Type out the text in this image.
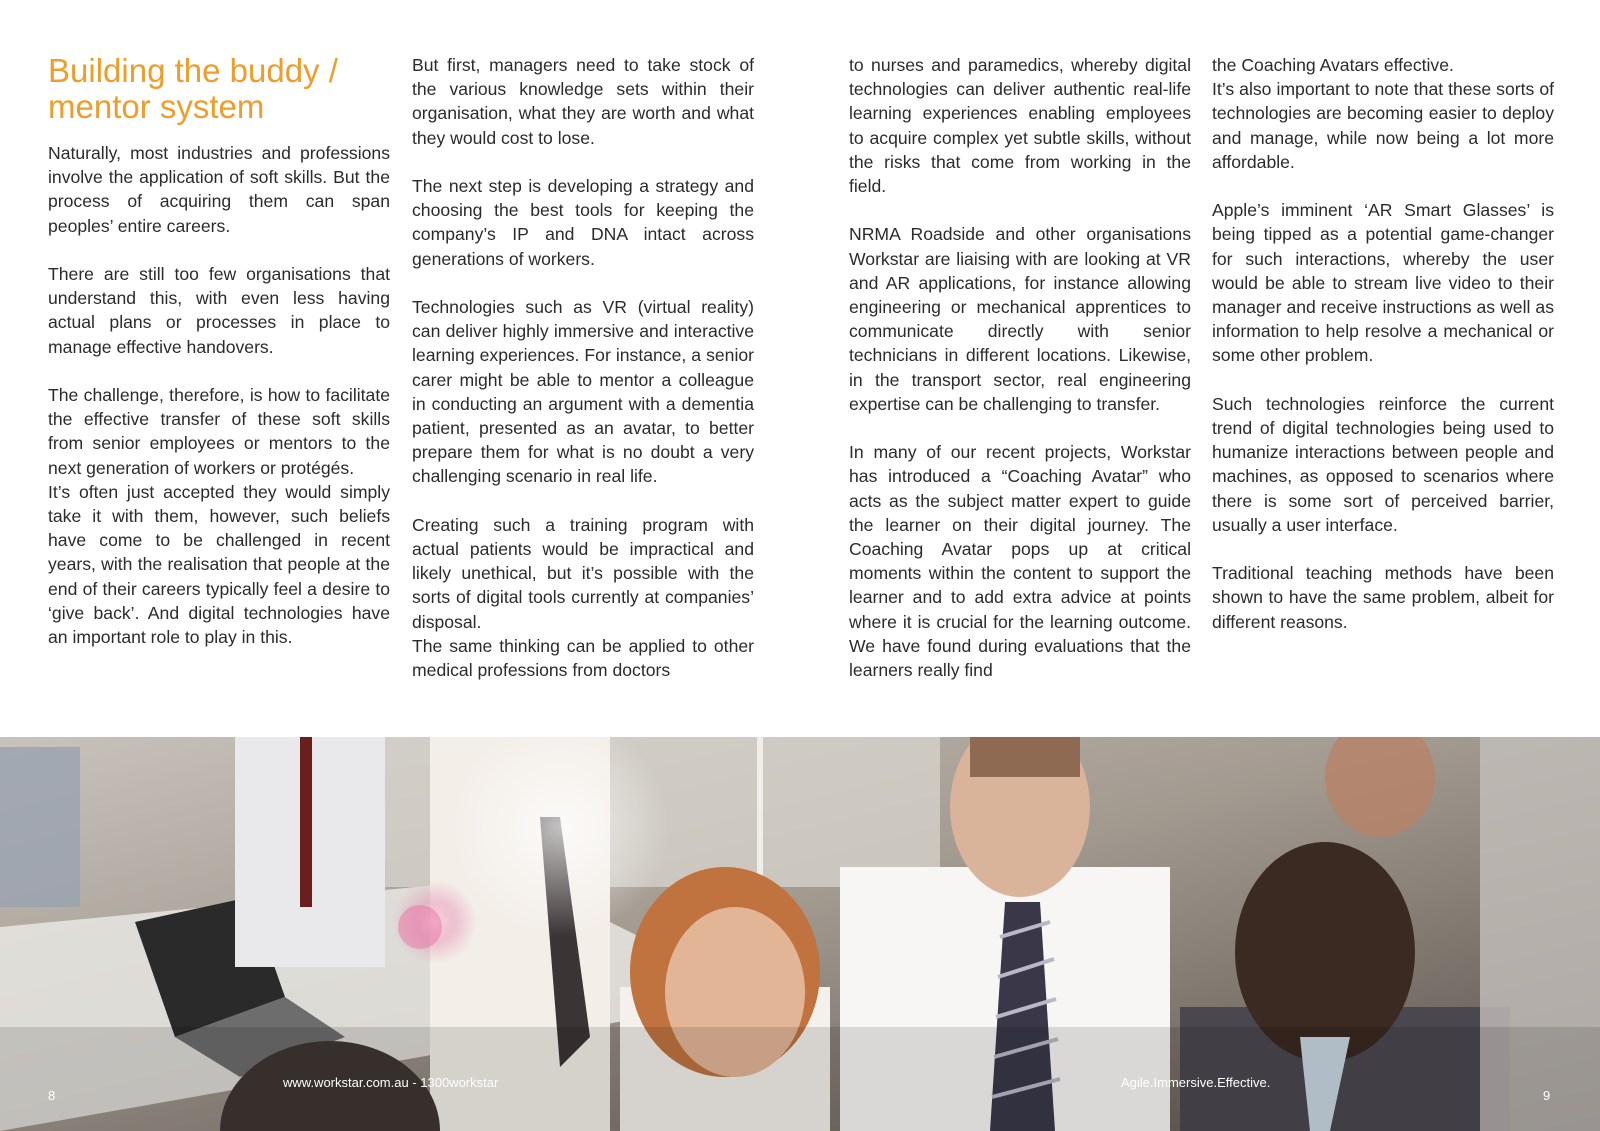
Building the buddy / mentor system

Naturally, most industries and professions involve the application of soft skills. But the process of acquiring them can span peoples’ entire careers.

There are still too few organisations that understand this, with even less having actual plans or processes in place to manage effective handovers.

The challenge, therefore, is how to facilitate the effective transfer of these soft skills from senior employees or mentors to the next generation of workers or protégés.

It’s often just accepted they would simply take it with them, however, such beliefs have come to be challenged in recent years, with the realisation that people at the end of their careers typically feel a desire to ‘give back’. And digital technologies have an important role to play in this.

But first, managers need to take stock of the various knowledge sets within their organisation, what they are worth and what they would cost to lose.

The next step is developing a strategy and choosing the best tools for keeping the company’s IP and DNA intact across generations of workers.

Technologies such as VR (virtual reality) can deliver highly immersive and interactive learning experiences. For instance, a senior carer might be able to mentor a colleague in conducting an argument with a dementia patient, presented as an avatar, to better prepare them for what is no doubt a very challenging scenario in real life.

Creating such a training program with actual patients would be impractical and likely unethical, but it’s possible with the sorts of digital tools currently at companies’ disposal.

The same thinking can be applied to other medical professions from doctors

to nurses and paramedics, whereby digital technologies can deliver authentic real-life learning experiences enabling employees to acquire complex yet subtle skills, without the risks that come from working in the field.

NRMA Roadside and other organisations Workstar are liaising with are looking at VR and AR applications, for instance allowing engineering or mechanical apprentices to communicate directly with senior technicians in different locations. Likewise, in the transport sector, real engineering expertise can be challenging to transfer.

In many of our recent projects, Workstar has introduced a “Coaching Avatar” who acts as the subject matter expert to guide the learner on their digital journey. The Coaching Avatar pops up at critical moments within the content to support the learner and to add extra advice at points where it is crucial for the learning outcome. We have found during evaluations that the learners really find

the Coaching Avatars effective.

It’s also important to note that these sorts of technologies are becoming easier to deploy and manage, while now being a lot more affordable.

Apple’s imminent ‘AR Smart Glasses’ is being tipped as a potential game-changer for such interactions, whereby the user would be able to stream live video to their manager and receive instructions as well as information to help resolve a mechanical or some other problem.

Such technologies reinforce the current trend of digital technologies being used to humanize interactions between people and machines, as opposed to scenarios where there is some sort of perceived barrier, usually a user interface.

Traditional teaching methods have been shown to have the same problem, albeit for different reasons.

8
www.workstar.com.au - 1300workstar	Agile.Immersive.Effective.
9
